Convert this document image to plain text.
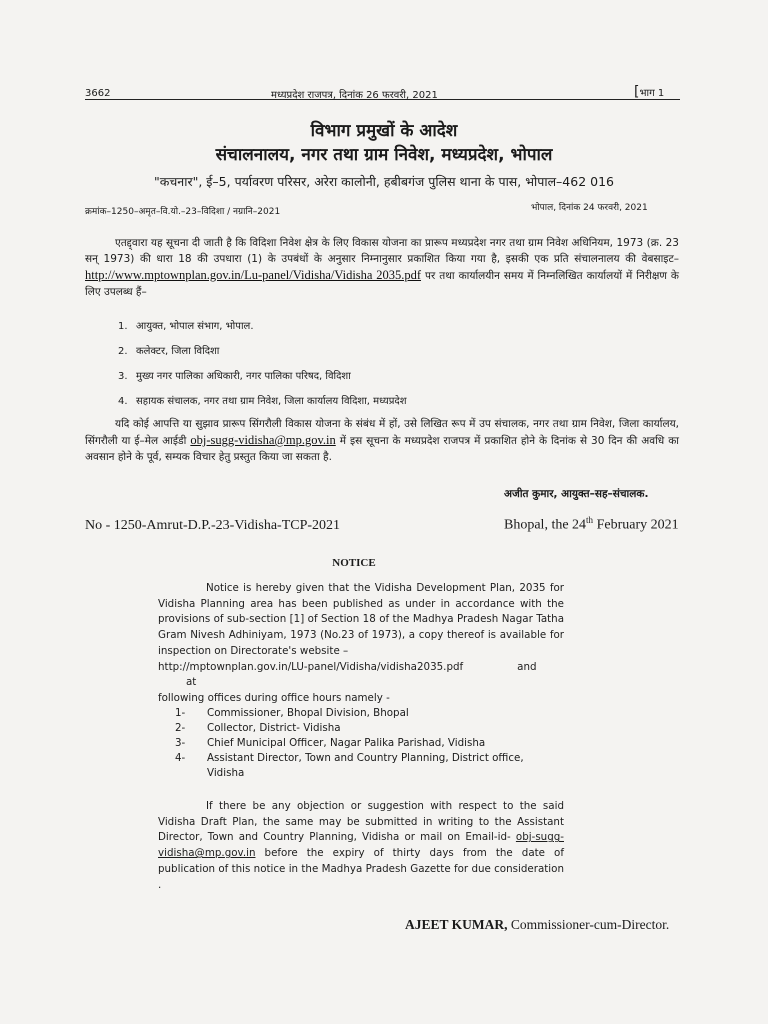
3662	मध्यप्रदेश राजपत्र, दिनांक 26 फरवरी, 2021	[भाग 1
विभाग प्रमुखों के आदेश
संचालनालय, नगर तथा ग्राम निवेश, मध्यप्रदेश, भोपाल
"कचनार", ई–5, पर्यावरण परिसर, अरेरा कालोनी, हबीबगंज पुलिस थाना के पास, भोपाल–462 016
क्रमांक–1250–अमृत–वि.यो.–23–विदिशा / नग्रानि–2021	भोपाल, दिनांक 24 फरवरी, 2021

एतद्द्वारा यह सूचना दी जाती है कि विदिशा निवेश क्षेत्र के लिए विकास योजना का प्रारूप मध्यप्रदेश नगर तथा ग्राम निवेश अधिनियम, 1973 (क्र. 23 सन् 1973) की धारा 18 की उपधारा (1) के उपबंधों के अनुसार निम्नानुसार प्रकाशित किया गया है, इसकी एक प्रति संचालनालय की वेबसाइट– http://www.mptownplan.gov.in/Lu-panel/Vidisha/Vidisha 2035.pdf पर तथा कार्यालयीन समय में निम्नलिखित कार्यालयों में निरीक्षण के लिए उपलब्ध हैं–

1. आयुक्त, भोपाल संभाग, भोपाल.
2. कलेक्टर, जिला विदिशा
3. मुख्य नगर पालिका अधिकारी, नगर पालिका परिषद, विदिशा
4. सहायक संचालक, नगर तथा ग्राम निवेश, जिला कार्यालय विदिशा, मध्यप्रदेश

यदि कोई आपत्ति या सुझाव प्रारूप सिंगरौली विकास योजना के संबंध में हों, उसे लिखित रूप में उप संचालक, नगर तथा ग्राम निवेश, जिला कार्यालय, सिंगरौली या ई–मेल आईडी obj-sugg-vidisha@mp.gov.in में इस सूचना के मध्यप्रदेश राजपत्र में प्रकाशित होने के दिनांक से 30 दिन की अवधि का अवसान होने के पूर्व, सम्यक विचार हेतु प्रस्तुत किया जा सकता है.

अजीत कुमार, आयुक्त–सह–संचालक.
No - 1250-Amrut-D.P.-23-Vidisha-TCP-2021	Bhopal, the 24th February 2021
NOTICE

Notice is hereby given that the Vidisha Development Plan, 2035 for Vidisha Planning area has been published as under in accordance with the provisions of sub-section [1] of Section 18 of the Madhya Pradesh Nagar Tatha Gram Nivesh Adhiniyam, 1973 (No.23 of 1973), a copy thereof is available for inspection on Directorate's website –

http://mptownplan.gov.in/LU-panel/Vidisha/vidisha2035.pdf	andat

following offices during office hours namely -

1- Commissioner, Bhopal Division, Bhopal
2- Collector, District- Vidisha
3- Chief Municipal Officer, Nagar Palika Parishad, Vidisha
4- Assistant Director, Town and Country Planning, District office,
Vidisha

If there be any objection or suggestion with respect to the said Vidisha Draft Plan, the same may be submitted in writing to the Assistant Director, Town and Country Planning, Vidisha or mail on Email-id- obj-sugg-vidisha@mp.gov.in before the expiry of thirty days from the date of publication of this notice in the Madhya Pradesh Gazette for due consideration .

AJEET KUMAR, Commissioner-cum-Director.
